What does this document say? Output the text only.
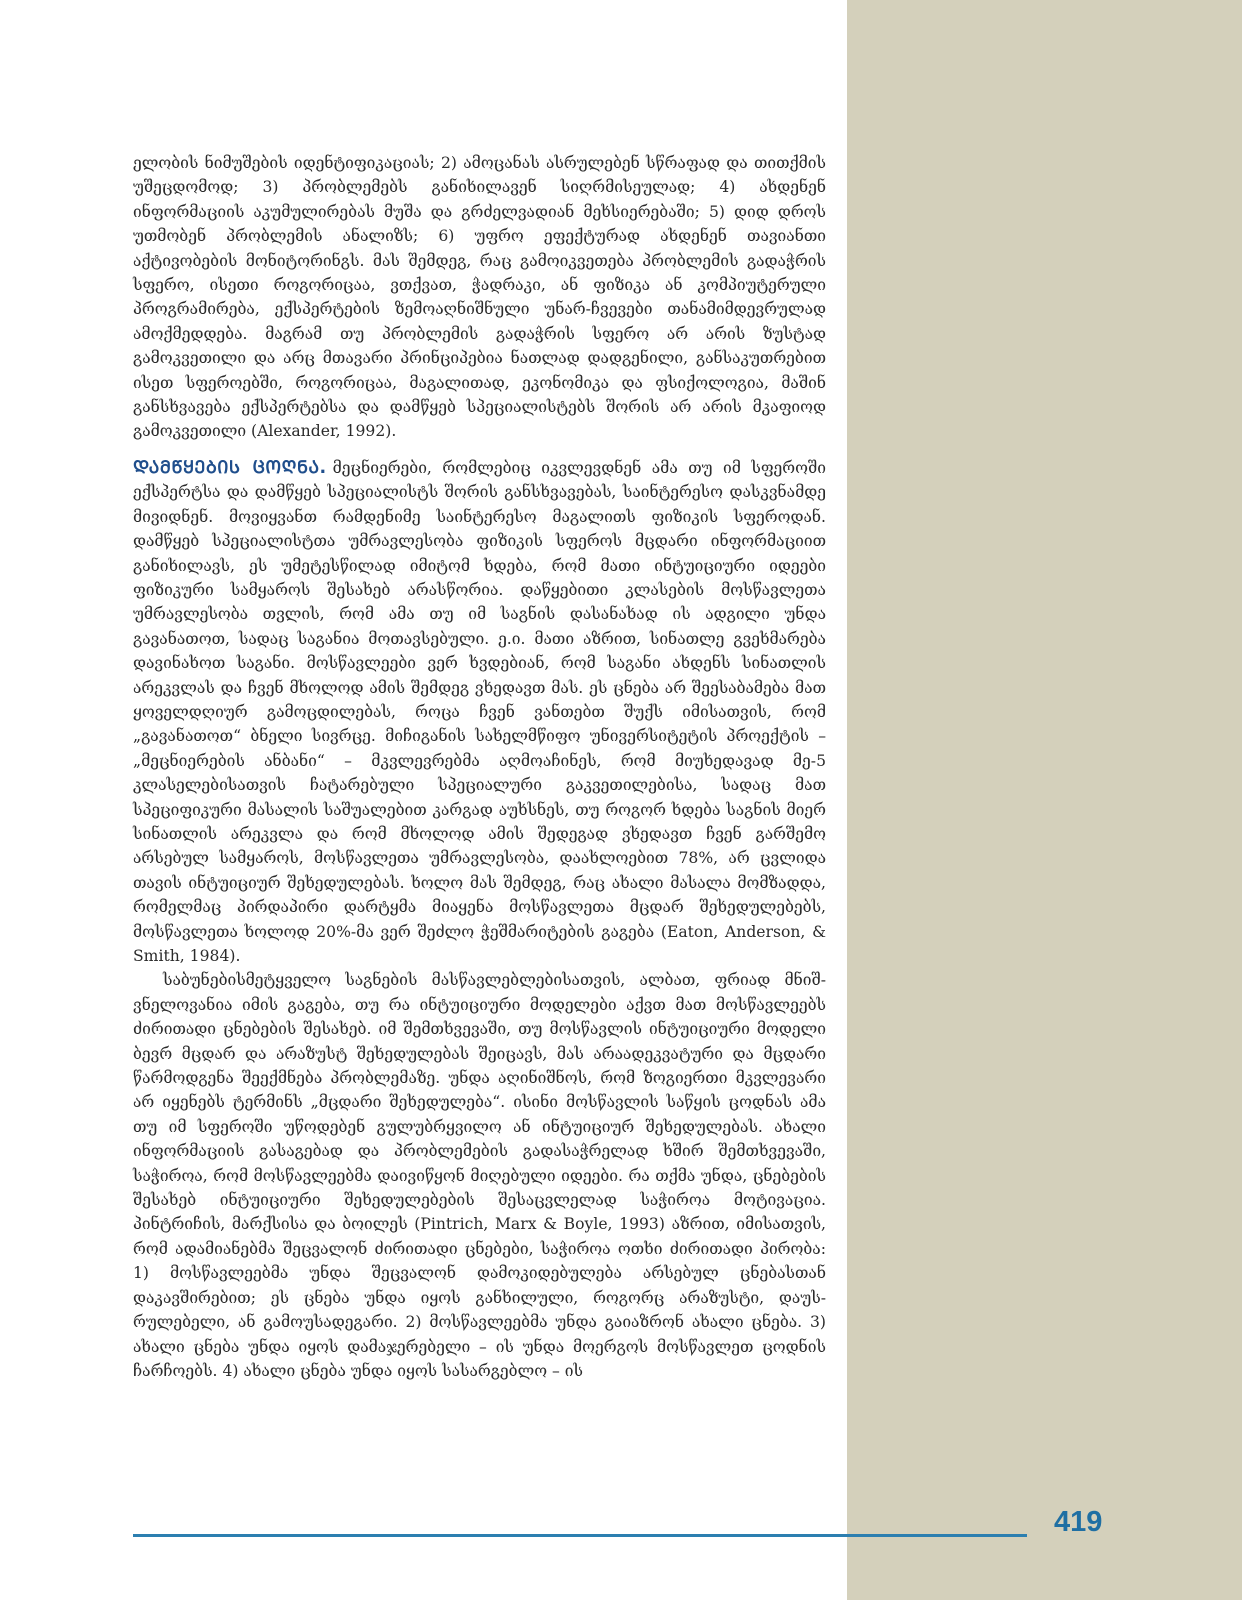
ელობის ნიმუშების იდენტიფიკაციას; 2) ამოცანას ასრულებენ სწრაფად და თითქმის უშეცდომოდ; 3) პრობლემებს განიხილავენ სიღრმისეულად; 4) ახდენენ ინფორმაციის აკუმულირებას მუშა და გრძელვადიან მეხსიერებაში; 5) დიდ დროს უთმობენ პრობლემის ანალიზს; 6) უფრო ეფექტურად ახდენენ თავიანთი აქტივობების მონიტორინგს. მას შემდეგ, რაც გამოიკვეთება პრობლემის გადაჭრის სფერო, ისეთი როგორიცაა, ვთქვათ, ჭადრაკი, ან ფიზიკა ან კომპიუტერული პროგრამირება, ექსპერტების ზემოაღნიშნული უნარ-ჩვევები თანამიმდევრულად ამოქმედდება. მაგრამ თუ პრობლემის გადაჭრის სფერო არ არის ზუსტად გამოკვეთილი და არც მთავარი პრინციპებია ნათლად დადგენილი, განსაკუთრებით ისეთ სფეროებში, როგორიცაა, მაგალითად, ეკონომიკა და ფსიქოლოგია, მაშინ განსხვავება ექსპერტებსა და დამწყებ სპეციალისტებს შორის არ არის მკაფიოდ გამოკვეთილი (Alexander, 1992).

ᲓᲐᲛᲬᲧᲔᲑᲘᲡ ᲪᲝᲦᲜᲐ. მეცნიერები, რომლებიც იკვლევდნენ ამა თუ იმ სფეროში ექსპერტსა და დამწყებ სპეციალისტს შორის განსხვავებას, საინტერესო დასკვნამდე მივიდნენ. მოვიყვანთ რამდენიმე საინტერესო მაგალითს ფიზიკის სფეროდან. დამწყებ სპეციალისტთა უმრავლესობა ფიზიკის სფეროს მცდარი ინფორმაციით განიხილავს, ეს უმეტესწილად იმიტომ ხდება, რომ მათი ინტუიციური იდეები ფიზიკური სამყაროს შესახებ არასწორია. დაწყებითი კლასების მოსწავლეთა უმრავლესობა თვლის, რომ ამა თუ იმ საგნის დასანახად ის ადგილი უნდა გავანათოთ, სადაც საგანია მოთავსებული. ე.ი. მათი აზრით, სინათლე გვეხმარება დავინახოთ საგანი. მოსწავლეები ვერ ხვდებიან, რომ საგანი ახდენს სინათლის არეკვლას და ჩვენ მხოლოდ ამის შემდეგ ვხედავთ მას. ეს ცნება არ შეესაბამება მათ ყოველდღიურ გამოცდილებას, როცა ჩვენ ვანთებთ შუქს იმისათვის, რომ „გავანათოთ“ ბნელი სივრცე. მიჩიგანის სახელმწიფო უნივერსიტეტის პროექტის – „მეცნიერების ანბანი“ – მკვლევრებმა აღმოაჩინეს, რომ მიუხედავად მე-5 კლასელებისათვის ჩატარებული სპეციალური გაკვეთილებისა, სადაც მათ სპეციფიკური მასალის საშუალებით კარგად აუხსნეს, თუ როგორ ხდება საგნის მიერ სინათლის არეკვლა და რომ მხოლოდ ამის შედეგად ვხედავთ ჩვენ გარშემო არსებულ სამყაროს, მოსწავლეთა უმრავლესობა, დაახლოებით 78%, არ ცვლიდა თავის ინტუიციურ შეხედულებას. ხოლო მას შემდეგ, რაც ახალი მასალა მომზადდა, რომელმაც პირდაპირი დარტყმა მიაყენა მოსწავლეთა მცდარ შეხედულებებს, მოსწავლეთა ხოლოდ 20%-მა ვერ შეძლო ჭეშმარიტების გაგება (Eaton, Anderson, & Smith, 1984).

საბუნებისმეტყველო საგნების მასწავლებლებისათვის, ალბათ, ფრიად მნიშვნელოვანია იმის გაგება, თუ რა ინტუიციური მოდელები აქვთ მათ მოსწავლეებს ძირითადი ცნებების შესახებ. იმ შემთხვევაში, თუ მოსწავლის ინტუიციური მოდელი ბევრ მცდარ და არაზუსტ შეხედულებას შეიცავს, მას არაადეკვატური და მცდარი წარმოდგენა შეექმნება პრობლემაზე. უნდა აღინიშნოს, რომ ზოგიერთი მკვლევარი არ იყენებს ტერმინს „მცდარი შეხედულება“. ისინი მოსწავლის საწყის ცოდნას ამა თუ იმ სფეროში უწოდებენ გულუბრყვილო ან ინტუიციურ შეხედულებას. ახალი ინფორმაციის გასაგებად და პრობლემების გადასაჭრელად ხშირ შემთხვევაში, საჭიროა, რომ მოსწავლეებმა დაივიწყონ მიღებული იდეები. რა თქმა უნდა, ცნებების შესახებ ინტუიციური შეხედულებების შესაცვლელად საჭიროა მოტივაცია. პინტრიჩის, მარქსისა და ბოილეს (Pintrich, Marx & Boyle, 1993) აზრით, იმისათვის, რომ ადამიანებმა შეცვალონ ძირითადი ცნებები, საჭიროა ოთხი ძირითადი პირობა: 1) მოსწავლეებმა უნდა შეცვალონ დამოკიდებულება არსებულ ცნებასთან დაკავშირებით; ეს ცნება უნდა იყოს განხილული, როგორც არაზუსტი, დაუსრულებელი, ან გამოუსადეგარი. 2) მოსწავლეებმა უნდა გაიაზრონ ახალი ცნება. 3) ახალი ცნება უნდა იყოს დამაჯერებელი – ის უნდა მოერგოს მოსწავლეთ ცოდნის ჩარჩოებს. 4) ახალი ცნება უნდა იყოს სასარგებლო – ის

419
